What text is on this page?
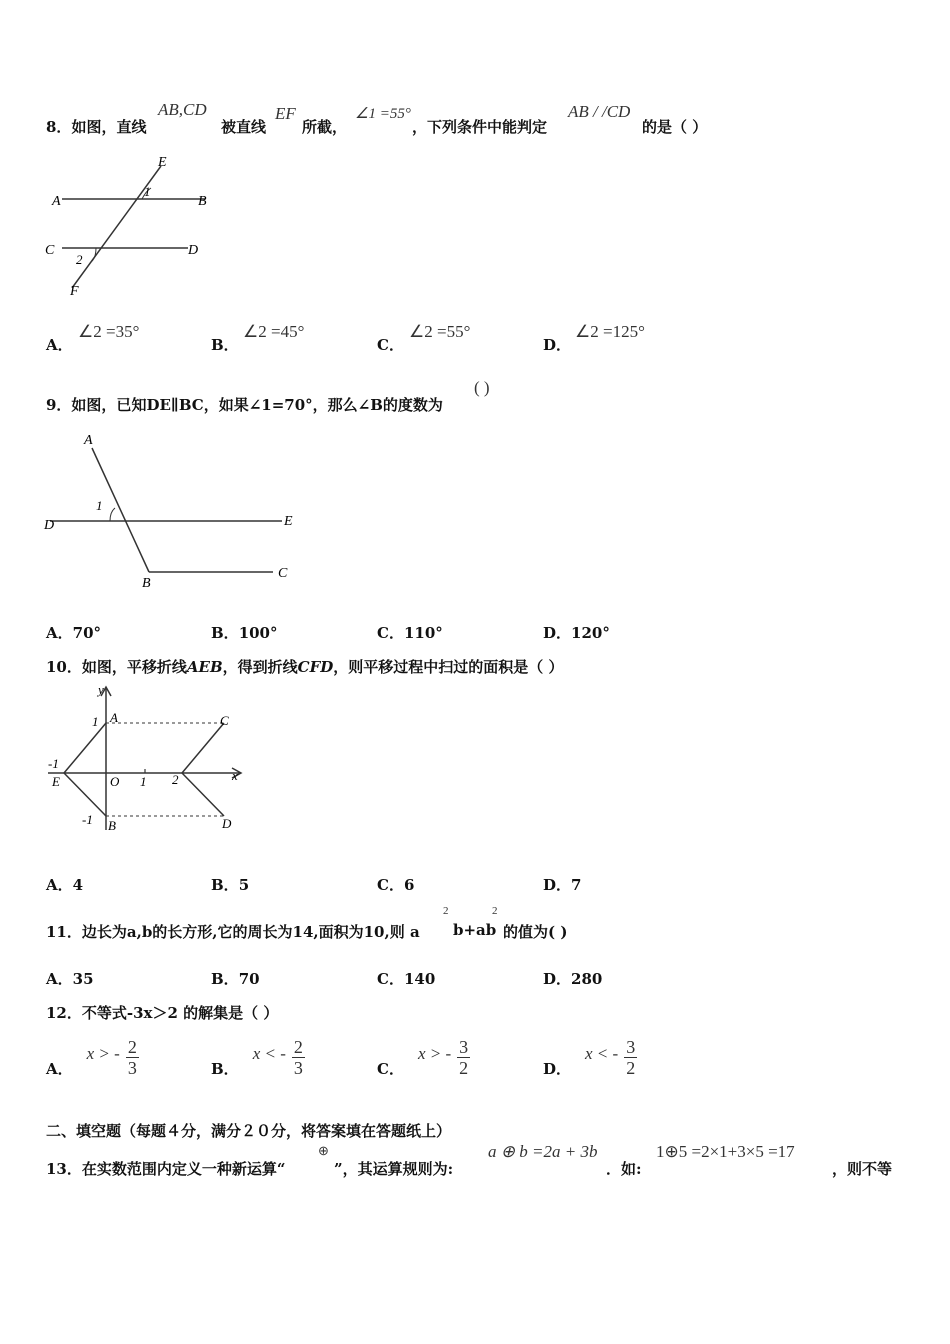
8．如图，直线
AB,CD
被直线
EF
所截，
∠1 =55°
，下列条件中能判定
AB / /CD
的是（ ）
A	B
C	D
E
F
1
2
A．
∠2 =35°
B．
∠2 =45°
C．
∠2 =55°
D．
∠2 =125°
9．如图，已知DE∥BC，如果∠1=70°，那么∠B的度数为
( )
A
B
C
D	E
1
A．70°	B．100°	C．110°	D．120°
10．如图，平移折线AEB，得到折线CFD，则平移过程中扫过的面积是（ ）
y
x
A
B
C
D
E	O 1
-1
2
1
-1
A．4	B．5	C．6	D．7
11．边长为a,b的长方形,它的周长为14,面积为10,则 a
2
b+ab
2
的值为( )
A．35	B．70	C．140	D．280
12．不等式-3x＞2 的解集是（ ）
A．
x > - $\frac{2}{3}$	B．
x < - $\frac{2}{3}$	C．
x > - $\frac{3}{2}$	D．
x < - $\frac{3}{2}$
二、填空题（每题４分，满分２０分，将答案填在答题纸上）
13．在实数范围内定义一种新运算“
⊕
”，其运算规则为:
a ⊕ b =2a + 3b
．如:
1⊕5 =2×1+3×5 =17
，则不等
